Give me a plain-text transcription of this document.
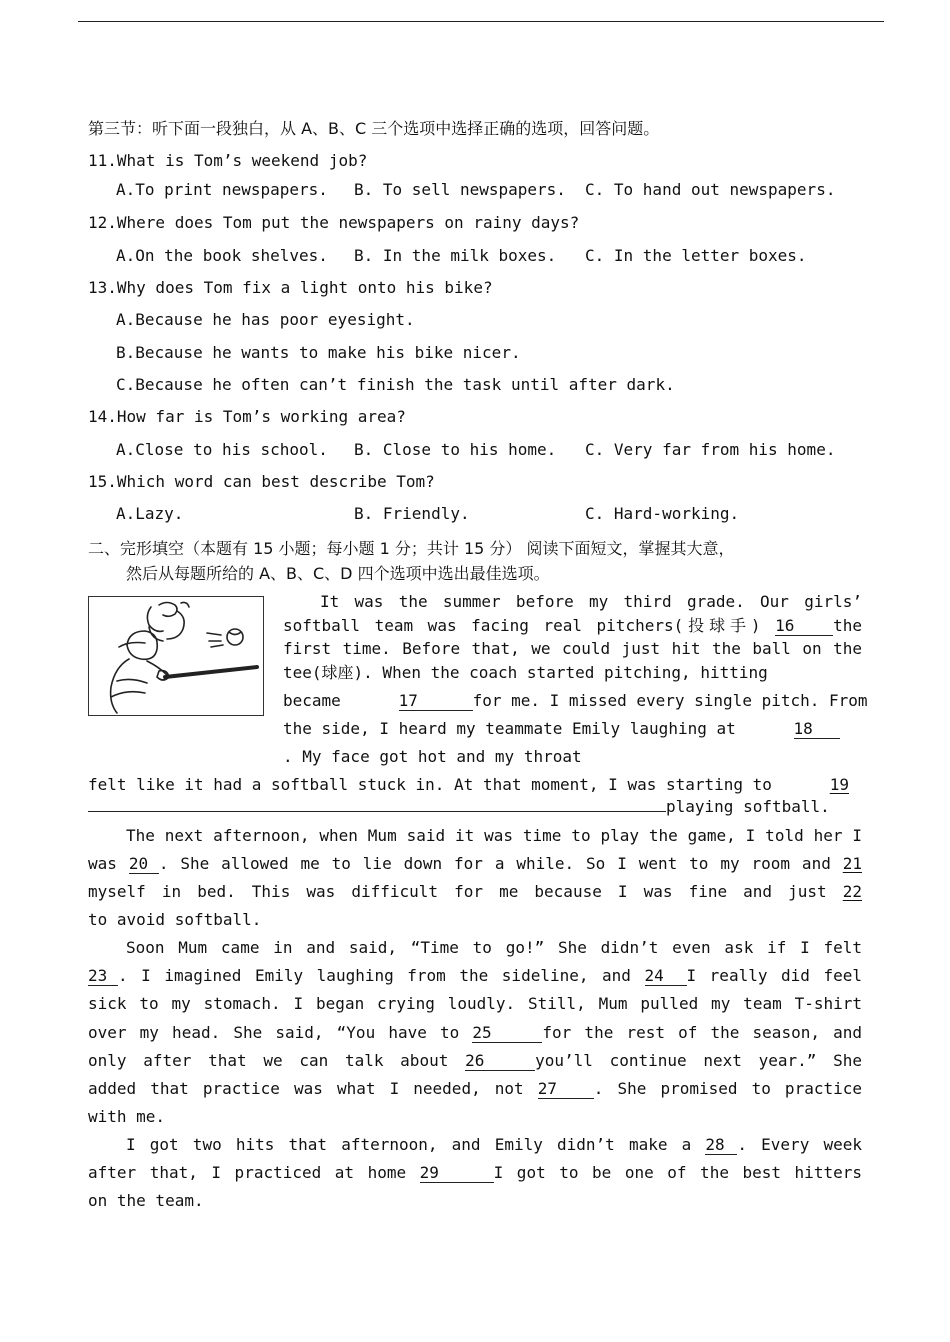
第三节：听下面一段独白，从 A、B、C 三个选项中选择正确的选项，回答问题。
11.What is Tom’s weekend job?
A.To print newspapers. B. To sell newspapers. C. To hand out newspapers.
12.Where does Tom put the newspapers on rainy days?
A.On the book shelves. B. In the milk boxes. C. In the letter boxes.
13.Why does Tom fix a light onto his bike?
A.Because he has poor eyesight.
B.Because he wants to make his bike nicer.
C.Because he often can’t finish the task until after dark.
14.How far is Tom’s working area?
A.Close to his school. B. Close to his home. C. Very far from his home.
15.Which word can best describe Tom?
A.Lazy.	B. Friendly.	C. Hard-working.
二、完形填空（本题有 15 小题；每小题 1 分；共计 15 分） 阅读下面短文，掌握其大意，
然后从每题所给的 A、B、C、D 四个选项中选出最佳选项。
It was the summer before my third grade. Our girls’
softball team was facing real pitchers(投球手) 16 the
first time. Before that, we could just hit the ball on the
tee(球座). When the coach started pitching, hitting
became	17	for me. I missed every single pitch. From
the side, I heard my teammate Emily laughing at	18
. My face got hot and my throat
felt like it had a softball stuck in. At that moment, I was starting to	19
playing softball.
The next afternoon, when Mum said it was time to play the game, I told her I
was 20 . She allowed me to lie down for a while. So I went to my room and 21
myself in bed. This was difficult for me because I was fine and just 22
to avoid softball.
Soon Mum came in and said, “Time to go!” She didn’t even ask if I felt
23 . I imagined Emily laughing from the sideline, and 24 I really did feel
sick to my stomach. I began crying loudly. Still, Mum pulled my team T-shirt
over my head. She said, “You have to 25	for the rest of the season, and
only after that we can talk about 26	you’ll continue next year.” She
added that practice was what I needed, not 27 . She promised to practice
with me.
I got two hits that afternoon, and Emily didn’t make a 28 . Every week
after that, I practiced at home 29	I got to be one of the best hitters
on the team.
